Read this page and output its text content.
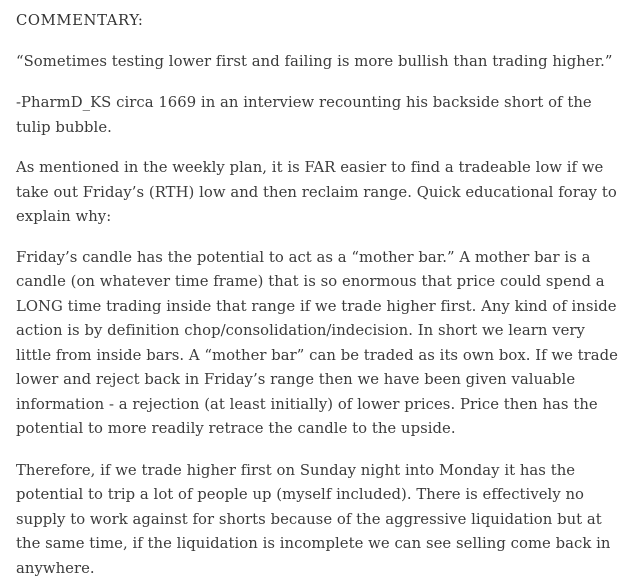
COMMENTARY:

“Sometimes testing lower first and failing is more bullish than trading higher.”

-PharmD_KS circa 1669 in an interview recounting his backside short of the tulip bubble.

As mentioned in the weekly plan, it is FAR easier to find a tradeable low if we take out Friday’s (RTH) low and then reclaim range. Quick educational foray to explain why:

Friday’s candle has the potential to act as a “mother bar.” A mother bar is a candle (on whatever time frame) that is so enormous that price could spend a LONG time trading inside that range if we trade higher first. Any kind of inside action is by definition chop/consolidation/indecision. In short we learn very little from inside bars. A “mother bar” can be traded as its own box. If we trade lower and reject back in Friday’s range then we have been given valuable information - a rejection (at least initially) of lower prices. Price then has the potential to more readily retrace the candle to the upside.

Therefore, if we trade higher first on Sunday night into Monday it has the potential to trip a lot of people up (myself included). There is effectively no supply to work against for shorts because of the aggressive liquidation but at the same time, if the liquidation is incomplete we can see selling come back in anywhere.
